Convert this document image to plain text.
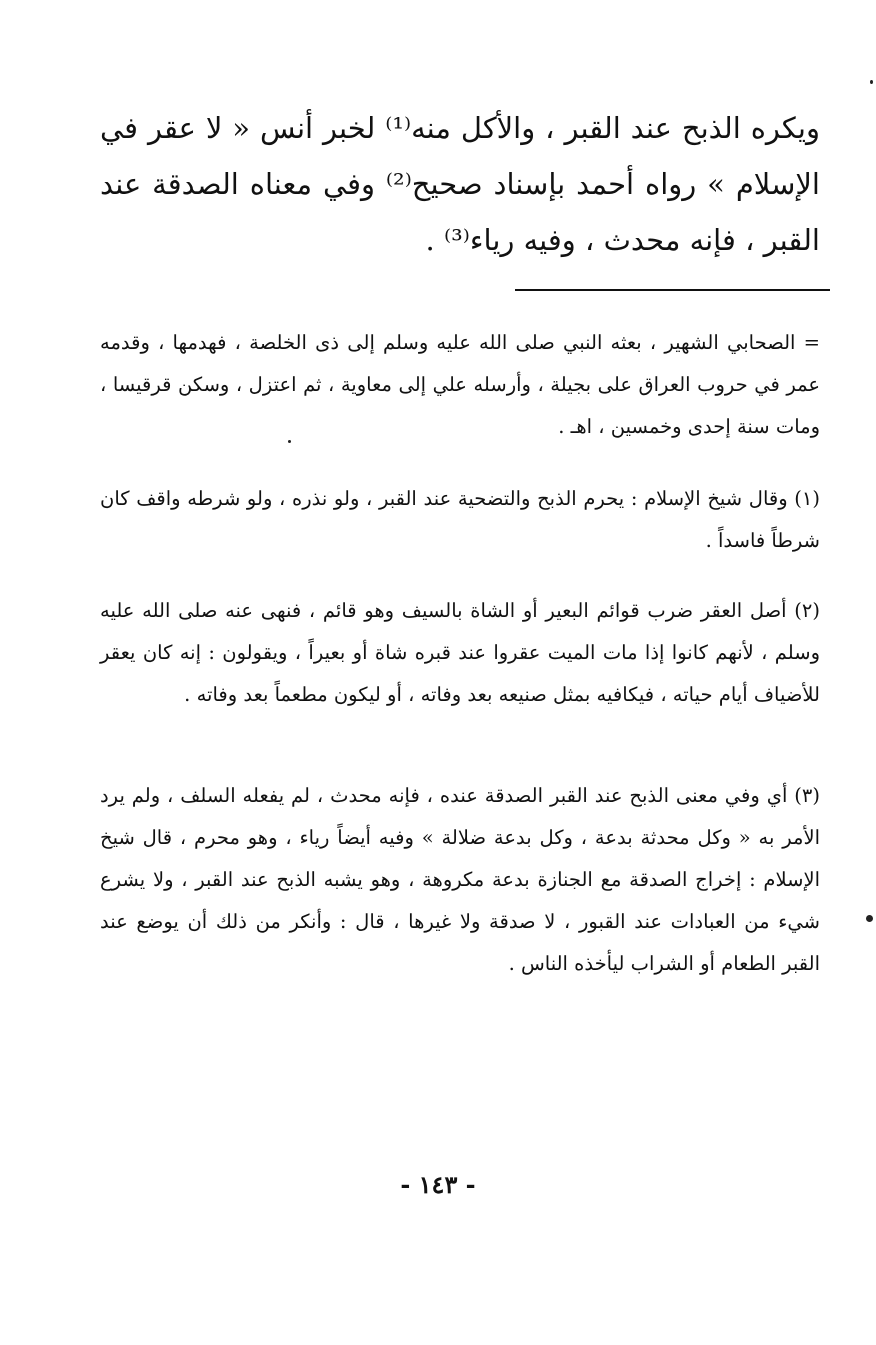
ويكره الذبح عند القبر ، والأكل منه⁽¹⁾ لخبر أنس « لا عقر في الإسلام » رواه أحمد بإسناد صحيح⁽²⁾ وفي معناه الصدقة عند القبر ، فإنه محدث ، وفيه رياء⁽³⁾ .

= الصحابي الشهير ، بعثه النبي صلى الله عليه وسلم إلى ذى الخلصة ، فهدمها ، وقدمه عمر في حروب العراق على بجيلة ، وأرسله علي إلى معاوية ، ثم اعتزل ، وسكن قرقيسا ، ومات سنة إحدى وخمسين ، اهـ .

(١) وقال شيخ الإسلام : يحرم الذبح والتضحية عند القبر ، ولو نذره ، ولو شرطه واقف كان شرطاً فاسداً .

(٢) أصل العقر ضرب قوائم البعير أو الشاة بالسيف وهو قائم ، فنهى عنه صلى الله عليه وسلم ، لأنهم كانوا إذا مات الميت عقروا عند قبره شاة أو بعيراً ، ويقولون : إنه كان يعقر للأضياف أيام حياته ، فيكافيه بمثل صنيعه بعد وفاته ، أو ليكون مطعماً بعد وفاته .

(٣) أي وفي معنى الذبح عند القبر الصدقة عنده ، فإنه محدث ، لم يفعله السلف ، ولم يرد الأمر به « وكل محدثة بدعة ، وكل بدعة ضلالة » وفيه أيضاً رياء ، وهو محرم ، قال شيخ الإسلام : إخراج الصدقة مع الجنازة بدعة مكروهة ، وهو يشبه الذبح عند القبر ، ولا يشرع شيء من العبادات عند القبور ، لا صدقة ولا غيرها ، قال : وأنكر من ذلك أن يوضع عند القبر الطعام أو الشراب ليأخذه الناس .

- ١٤٣ -
